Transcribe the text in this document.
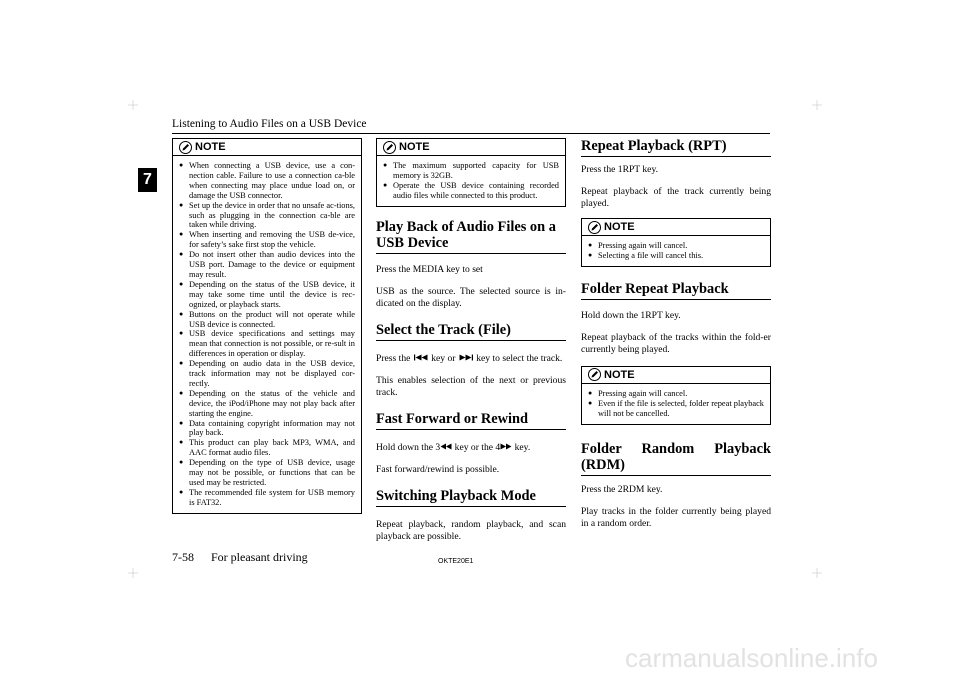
Listening to Audio Files on a USB Device
7
NOTE
● When connecting a USB device, use a con-nection cable. Failure to use a connection ca-ble when connecting may place undue load on, or damage the USB connector.
● Set up the device in order that no unsafe ac-tions, such as plugging in the connection ca-ble are taken while driving.
● When inserting and removing the USB de-vice, for safety’s sake first stop the vehicle.
● Do not insert other than audio devices into the USB port. Damage to the device or equipment may result.
● Depending on the status of the USB device, it may take some time until the device is rec-ognized, or playback starts.
● Buttons on the product will not operate while USB device is connected.
● USB device specifications and settings may mean that connection is not possible, or re-sult in differences in operation or display.
● Depending on audio data in the USB device, track information may not be displayed cor-rectly.
● Depending on the status of the vehicle and device, the iPod/iPhone may not play back after starting the engine.
● Data containing copyright information may not play back.
● This product can play back MP3, WMA, and AAC format audio files.
● Depending on the type of USB device, usage may not be possible, or functions that can be used may be restricted.
● The recommended file system for USB memory is FAT32.
NOTE
● The maximum supported capacity for USB memory is 32GB.
● Operate the USB device containing recorded audio files while connected to this product.
Play Back of Audio Files on a USB Device

Press the MEDIA key to set

USB as the source. The selected source is in-dicated on the display.

Select the Track (File)

Press the key or key to select the track.

This enables selection of the next or previous track.

Fast Forward or Rewind

Hold down the 3 key or the 4 key.

Fast forward/rewind is possible.

Switching Playback Mode

Repeat playback, random playback, and scan playback are possible.

Repeat Playback (RPT)

Press the 1RPT key.

Repeat playback of the track currently being played.

NOTE
● Pressing again will cancel.
● Selecting a file will cancel this.
Folder Repeat Playback

Hold down the 1RPT key.

Repeat playback of the tracks within the fold-er currently being played.

NOTE
● Pressing again will cancel.
● Even if the file is selected, folder repeat playback will not be cancelled.
Folder Random Playback (RDM)

Press the 2RDM key.

Play tracks in the folder currently being played in a random order.

7-58 For pleasant driving	OKTE20E1
carmanualsonline.info
